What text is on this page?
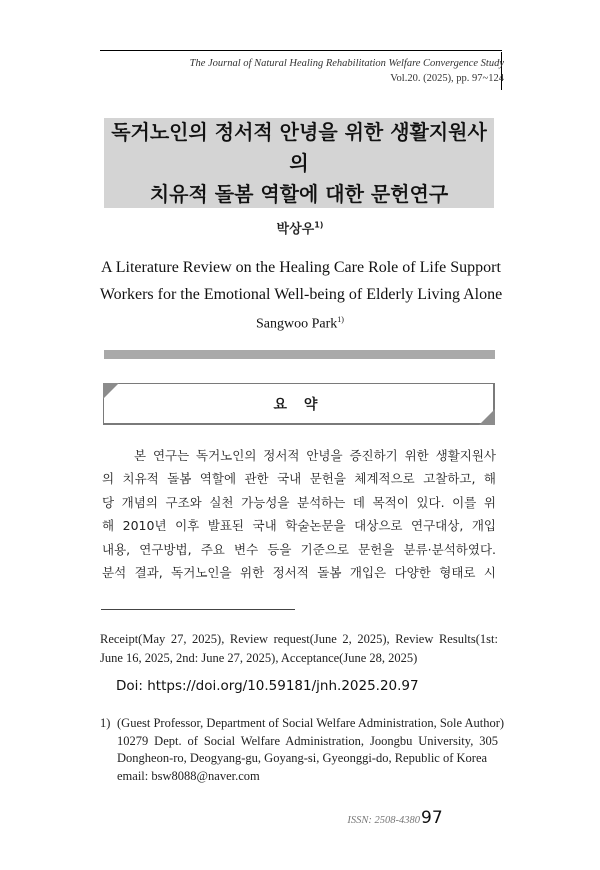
The Journal of Natural Healing Rehabilitation Welfare Convergence Study
Vol.20. (2025), pp. 97~124
독거노인의 정서적 안녕을 위한 생활지원사의
치유적 돌봄 역할에 대한 문헌연구
박상우$^{1)}$
A Literature Review on the Healing Care Role of Life Support
Workers for the Emotional Well-being of Elderly Living Alone
Sangwoo Park$^{1)}$
요 약
본 연구는 독거노인의 정서적 안녕을 증진하기 위한 생활지원사
의 치유적 돌봄 역할에 관한 국내 문헌을 체계적으로 고찰하고, 해
당 개념의 구조와 실천 가능성을 분석하는 데 목적이 있다. 이를 위
해 2010년 이후 발표된 국내 학술논문을 대상으로 연구대상, 개입
내용, 연구방법, 주요 변수 등을 기준으로 문헌을 분류·분석하였다.
분석 결과, 독거노인을 위한 정서적 돌봄 개입은 다양한 형태로 시
Receipt(May 27, 2025), Review request(June 2, 2025), Review Results(1st:
June 16, 2025, 2nd: June 27, 2025), Acceptance(June 28, 2025)
Doi: https://doi.org/10.59181/jnh.2025.20.97
1) (Guest Professor, Department of Social Welfare Administration, Sole Author)
10279 Dept. of Social Welfare Administration, Joongbu University, 305
Dongheon-ro, Deogyang-gu, Goyang-si, Gyeonggi-do, Republic of Korea
email: bsw8088@naver.com
ISSN: 2508-4380 97
